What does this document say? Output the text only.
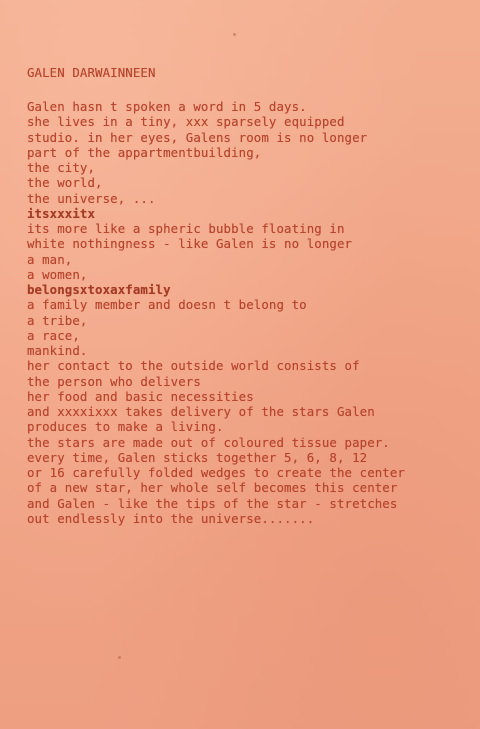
GALEN DARWAINNEEN
Galen hasn t spoken a word in 5 days.
she lives in a tiny, xxx sparsely equipped
studio. in her eyes, Galens room is no longer
part of the appartmentbuilding,
the city,
the world,
the universe, ...
itsxxxitx
its more like a spheric bubble floating in
white nothingness - like Galen is no longer
a man,
a women,
belongsxtoxaxfamily
a family member and doesn t belong to
a tribe,
a race,
mankind.
her contact to the outside world consists of
the person who delivers
her food and basic necessities
and xxxxixxx takes delivery of the stars Galen
produces to make a living.
the stars are made out of coloured tissue paper.
every time, Galen sticks together 5, 6, 8, 12
or 16 carefully folded wedges to create the center
of a new star, her whole self becomes this center
and Galen - like the tips of the star - stretches
out endlessly into the universe.......
